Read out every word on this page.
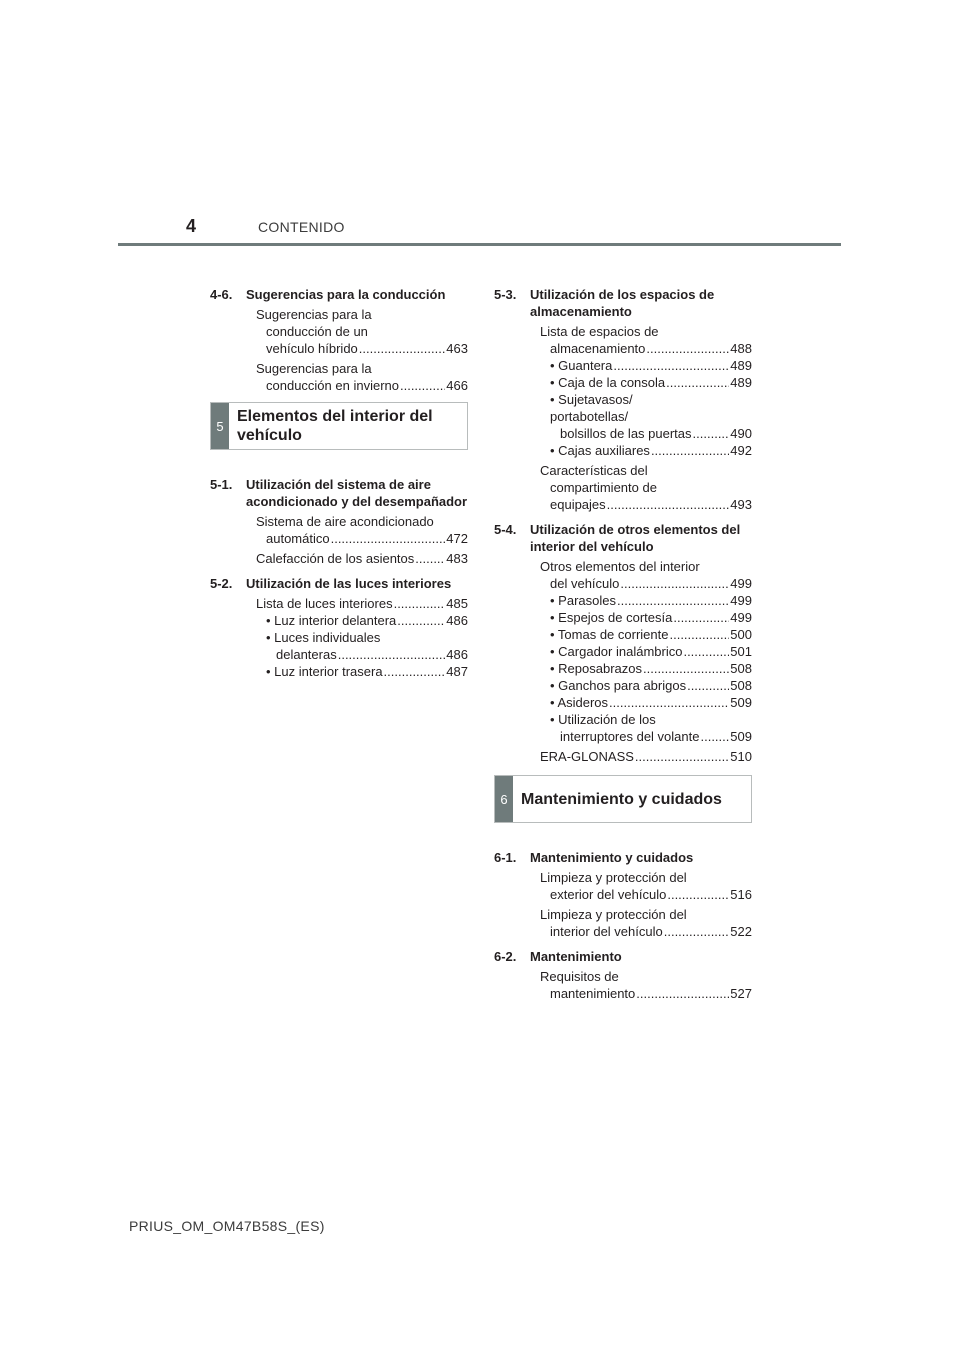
4	CONTENIDO
4-6. Sugerencias para la conducción
Sugerencias para la
conducción de un
vehículo híbrido .....	463
Sugerencias para la
conducción en invierno .....	466
5
Elementos del interior del vehículo
5-1. Utilización del sistema de aire acondicionado y del desempañador
Sistema de aire acondicionado
automático .....	472
Calefacción de los asientos ..... 483
5-2. Utilización de las luces interiores
Lista de luces interiores .....	485
• Luz interior delantera .....	486
• Luces individuales
delanteras .....	486
• Luz interior trasera .....	487
5-3. Utilización de los espacios de almacenamiento
Lista de espacios de
almacenamiento .....	488
• Guantera .....	489
• Caja de la consola .....	489
• Sujetavasos/
portabotellas/
bolsillos de las puertas .....	490
• Cajas auxiliares .....	492
Características del
compartimiento de
equipajes .....	493
5-4. Utilización de otros elementos del interior del vehículo
Otros elementos del interior
del vehículo .....	499
• Parasoles .....	499
• Espejos de cortesía .....	499
• Tomas de corriente .....	500
• Cargador inalámbrico .....	501
• Reposabrazos .....	508
• Ganchos para abrigos .....	508
• Asideros .....	509
• Utilización de los
interruptores del volante ..... 509
ERA-GLONASS .....	510
6 Mantenimiento y cuidados
6-1. Mantenimiento y cuidados
Limpieza y protección del
exterior del vehículo .....	516
Limpieza y protección del
interior del vehículo .....	522
6-2. Mantenimiento
Requisitos de
mantenimiento .....	527
PRIUS_OM_OM47B58S_(ES)
